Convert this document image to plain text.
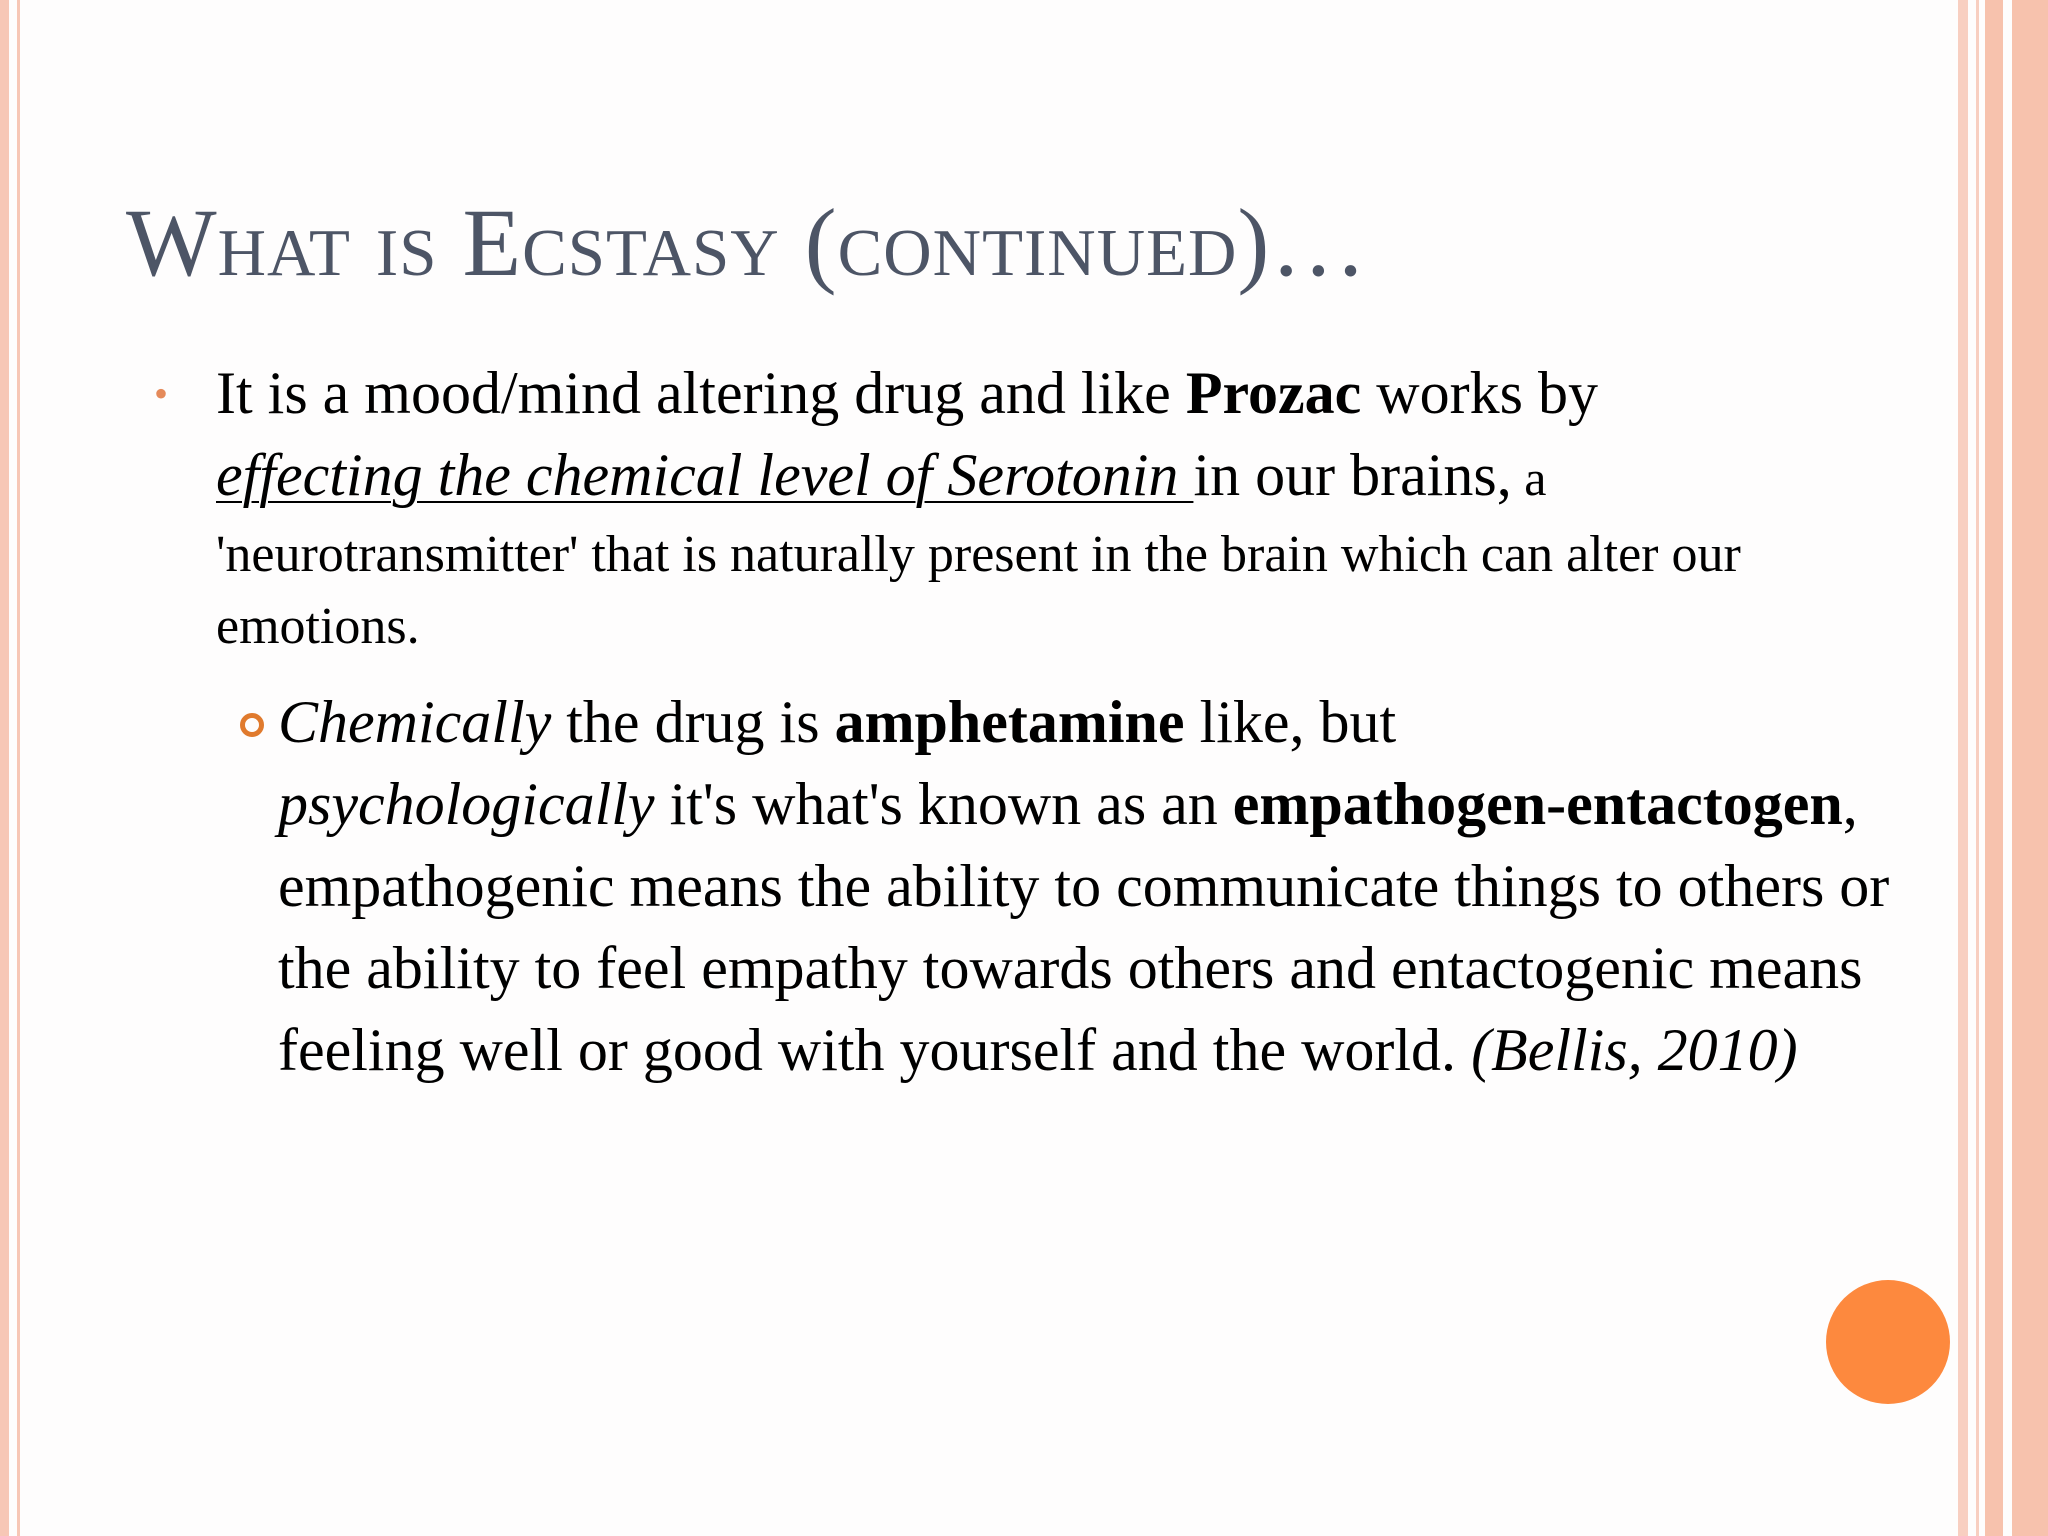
What is Ecstasy (continued)…
• It is a mood/mind altering drug and like Prozac works by
effecting the chemical level of Serotonin in our brains, a
'neurotransmitter' that is naturally present in the brain which can alter our emotions.
Chemically the drug is amphetamine like, but
psychologically it's what's known as an empathogen-entactogen, empathogenic means the ability to communicate things to others or the ability to feel empathy towards others and entactogenic means feeling well or good with yourself and the world. (Bellis, 2010)
